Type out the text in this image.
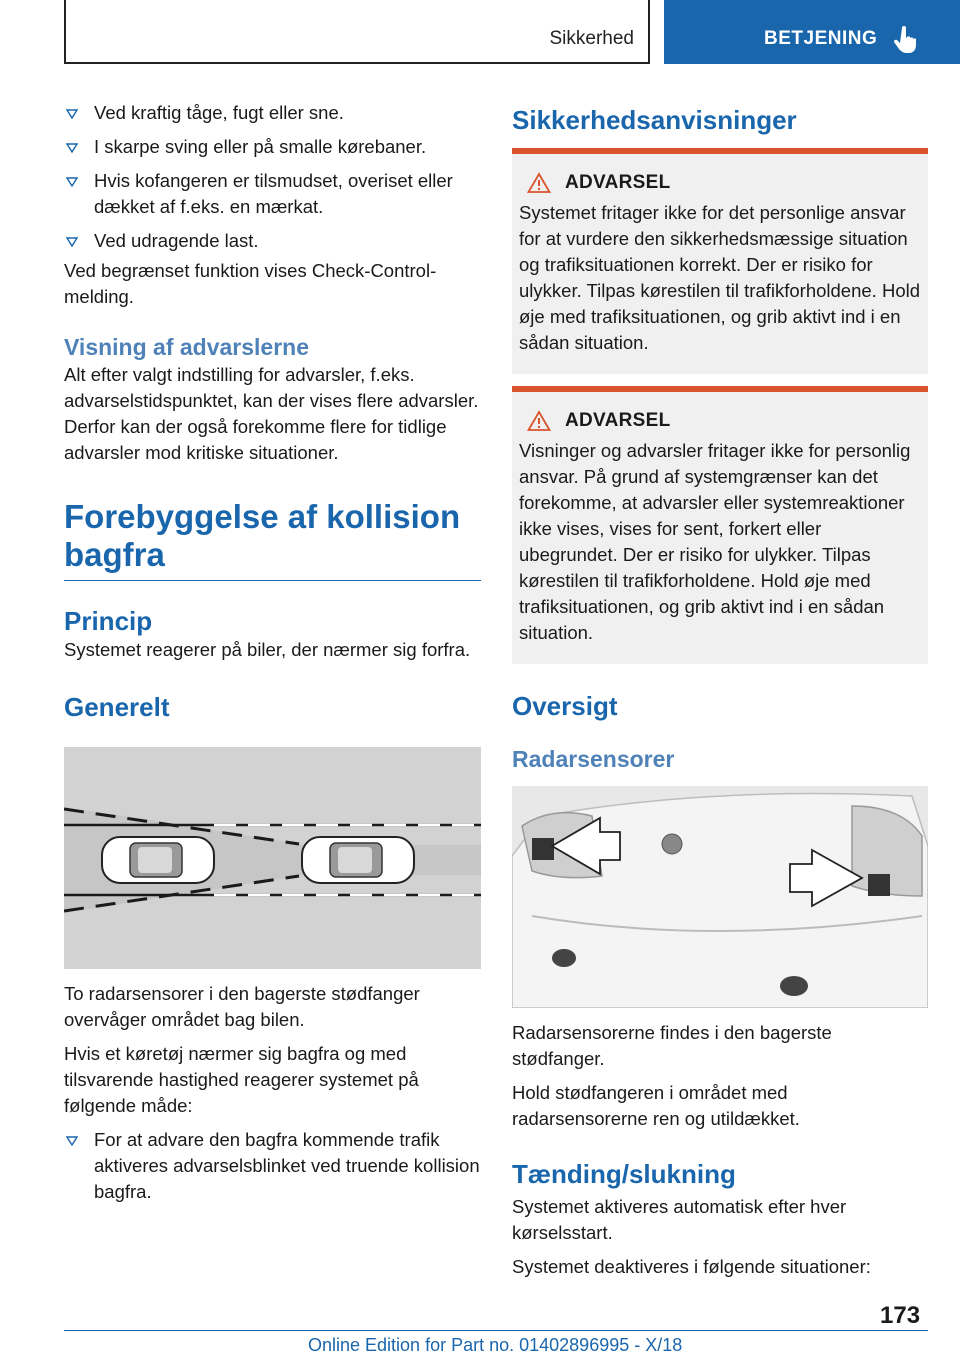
Sikkerhed	BETJENING
Ved kraftig tåge, fugt eller sne.
I skarpe sving eller på smalle kørebaner.
Hvis kofangeren er tilsmudset, overiset eller dækket af f.eks. en mærkat.
Ved udragende last.

Ved begrænset funktion vises Check-Control-melding.

Visning af advarslerne

Alt efter valgt indstilling for advarsler, f.eks. advarselstidspunktet, kan der vises flere advarsler. Derfor kan der også forekomme flere for tidlige advarsler mod kritiske situationer.

Forebyggelse af kollision bagfra
Princip

Systemet reagerer på biler, der nærmer sig forfra.

Generelt

To radarsensorer i den bagerste stødfanger overvåger området bag bilen.

Hvis et køretøj nærmer sig bagfra og med tilsvarende hastighed reagerer systemet på følgende måde:

For at advare den bagfra kommende trafik aktiveres advarselsblinket ved truende kollision bagfra.
Sikkerhedsanvisninger
ADVARSEL

Systemet fritager ikke for det personlige ansvar for at vurdere den sikkerhedsmæssige situation og trafiksituationen korrekt. Der er risiko for ulykker. Tilpas kørestilen til trafikforholdene. Hold øje med trafiksituationen, og grib aktivt ind i en sådan situation.

ADVARSEL

Visninger og advarsler fritager ikke for personlig ansvar. På grund af systemgrænser kan det forekomme, at advarsler eller systemreaktioner ikke vises, vises for sent, forkert eller ubegrundet. Der er risiko for ulykker. Tilpas kørestilen til trafikforholdene. Hold øje med trafiksituationen, og grib aktivt ind i en sådan situation.

Oversigt
Radarsensorer

Radarsensorerne findes i den bagerste stødfanger.

Hold stødfangeren i området med radarsensorerne ren og utildækket.

Tænding/slukning

Systemet aktiveres automatisk efter hver kørselsstart.

Systemet deaktiveres i følgende situationer:

173
Online Edition for Part no. 01402896995 - X/18
